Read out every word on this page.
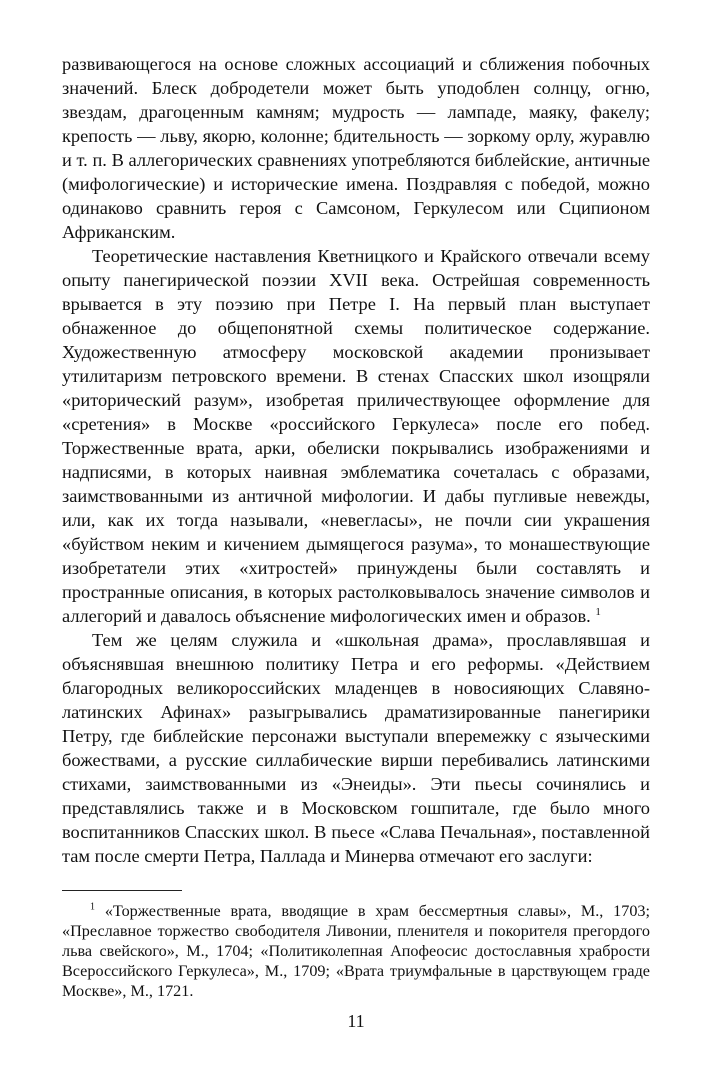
развивающегося на основе сложных ассоциаций и сближения побочных значений. Блеск добродетели может быть уподоблен солнцу, огню, звездам, драгоценным камням; мудрость — лампаде, маяку, факелу; крепость — льву, якорю, колонне; бдительность — зоркому орлу, журавлю и т. п. В аллегорических сравнениях употребляются библейские, античные (мифологические) и исторические имена. Поздравляя с победой, можно одинаково сравнить героя с Самсоном, Геркулесом или Сципионом Африканским.

Теоретические наставления Кветницкого и Крайского отвечали всему опыту панегирической поэзии XVII века. Острейшая современность врывается в эту поэзию при Петре I. На первый план выступает обнаженное до общепонятной схемы политическое содержание. Художественную атмосферу московской академии пронизывает утилитаризм петровского времени. В стенах Спасских школ изощряли «риторический разум», изобретая приличествующее оформление для «сретения» в Москве «российского Геркулеса» после его побед. Торжественные врата, арки, обелиски покрывались изображениями и надписями, в которых наивная эмблематика сочеталась с образами, заимствованными из античной мифологии. И дабы пугливые невежды, или, как их тогда называли, «невегласы», не почли сии украшения «буйством неким и кичением дымящегося разума», то монашествующие изобретатели этих «хитростей» принуждены были составлять и пространные описания, в которых растолковывалось значение символов и аллегорий и давалось объяснение мифологических имен и образов. $^1$

Тем же целям служила и «школьная драма», прославлявшая и объяснявшая внешнюю политику Петра и его реформы. «Действием благородных великороссийских младенцев в новосияющих Славяно-латинских Афинах» разыгрывались драматизированные панегирики Петру, где библейские персонажи выступали вперемежку с языческими божествами, а русские силлабические вирши перебивались латинскими стихами, заимствованными из «Энеиды». Эти пьесы сочинялись и представлялись также и в Московском гошпитале, где было много воспитанников Спасских школ. В пьесе «Слава Печальная», поставленной там после смерти Петра, Паллада и Минерва отмечают его заслуги:

$^1$ «Торжественные врата, вводящие в храм бессмертныя славы», М., 1703; «Преславное торжество свободителя Ливонии, пленителя и покорителя прегордого льва свейского», М., 1704; «Политиколепная Апофеосис достославныя храбрости Всероссийского Геркулеса», М., 1709; «Врата триумфальные в царствующем граде Москве», М., 1721.

11
